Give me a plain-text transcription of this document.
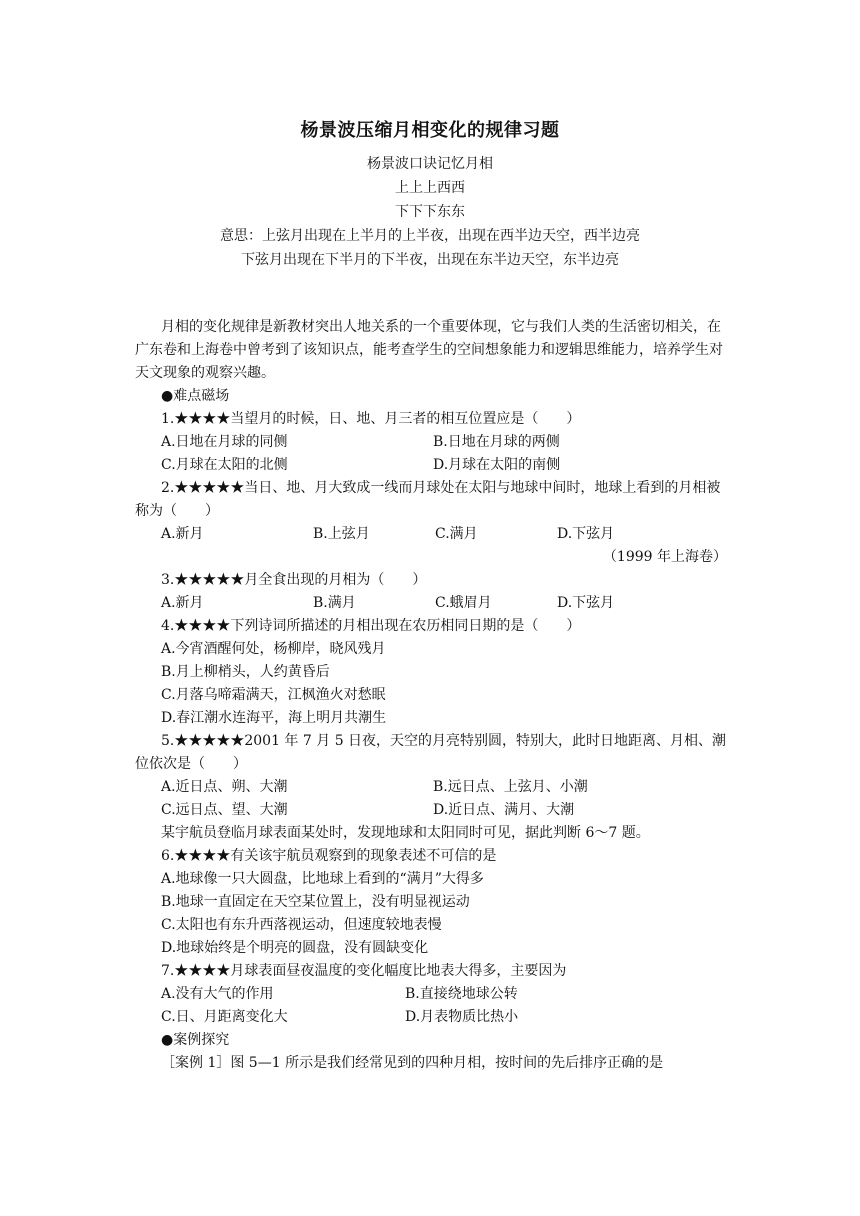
杨景波压缩月相变化的规律习题
杨景波口诀记忆月相
上上上西西
下下下东东
意思：上弦月出现在上半月的上半夜，出现在西半边天空，西半边亮
下弦月出现在下半月的下半夜，出现在东半边天空，东半边亮

月相的变化规律是新教材突出人地关系的一个重要体现，它与我们人类的生活密切相关，在广东卷和上海卷中曾考到了该知识点，能考查学生的空间想象能力和逻辑思维能力，培养学生对天文现象的观察兴趣。

●难点磁场

1.★★★★当望月的时候，日、地、月三者的相互位置应是（　　）

A.日地在月球的同侧	B.日地在月球的两侧
C.月球在太阳的北侧	D.月球在太阳的南侧

2.★★★★★当日、地、月大致成一线而月球处在太阳与地球中间时，地球上看到的月相被称为（　　）

A.新月	B.上弦月	C.满月	D.下弦月

（1999 年上海卷）

3.★★★★★月全食出现的月相为（　　）

A.新月	B.满月	C.蛾眉月	D.下弦月

4.★★★★下列诗词所描述的月相出现在农历相同日期的是（　　）

A.今宵酒醒何处，杨柳岸，晓风残月

B.月上柳梢头，人约黄昏后

C.月落乌啼霜满天，江枫渔火对愁眠

D.春江潮水连海平，海上明月共潮生

5.★★★★★2001 年 7 月 5 日夜，天空的月亮特别圆，特别大，此时日地距离、月相、潮位依次是（　　）

A.近日点、朔、大潮	B.远日点、上弦月、小潮
C.远日点、望、大潮	D.近日点、满月、大潮

某宇航员登临月球表面某处时，发现地球和太阳同时可见，据此判断 6～7 题。

6.★★★★有关该宇航员观察到的现象表述不可信的是

A.地球像一只大圆盘，比地球上看到的“满月”大得多

B.地球一直固定在天空某位置上，没有明显视运动

C.太阳也有东升西落视运动，但速度较地表慢

D.地球始终是个明亮的圆盘，没有圆缺变化

7.★★★★月球表面昼夜温度的变化幅度比地表大得多，主要因为

A.没有大气的作用	B.直接绕地球公转
C.日、月距离变化大	D.月表物质比热小

●案例探究

［案例 1］图 5—1 所示是我们经常见到的四种月相，按时间的先后排序正确的是
